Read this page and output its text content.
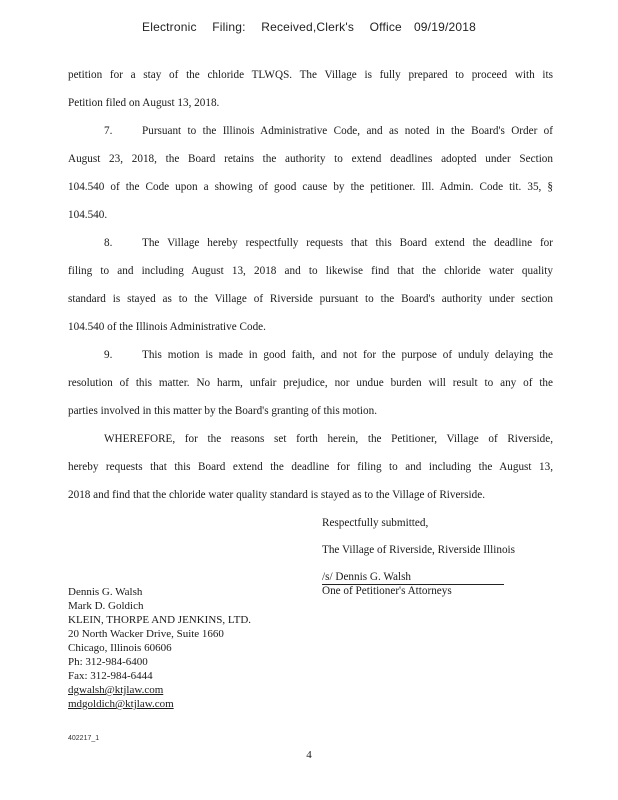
Electronic Filing: Received,Clerk's Office 09/19/2018
petition for a stay of the chloride TLWQS. The Village is fully prepared to proceed with its
Petition filed on August 13, 2018.
7.	Pursuant to the Illinois Administrative Code, and as noted in the Board's Order of
August 23, 2018, the Board retains the authority to extend deadlines adopted under Section
104.540 of the Code upon a showing of good cause by the petitioner. Ill. Admin. Code tit. 35, §
104.540.
8.	The Village hereby respectfully requests that this Board extend the deadline for
filing to and including August 13, 2018 and to likewise find that the chloride water quality
standard is stayed as to the Village of Riverside pursuant to the Board's authority under section
104.540 of the Illinois Administrative Code.
9.	This motion is made in good faith, and not for the purpose of unduly delaying the
resolution of this matter. No harm, unfair prejudice, nor undue burden will result to any of the
parties involved in this matter by the Board's granting of this motion.
WHEREFORE, for the reasons set forth herein, the Petitioner, Village of Riverside,
hereby requests that this Board extend the deadline for filing to and including the August 13,
2018 and find that the chloride water quality standard is stayed as to the Village of Riverside.
Respectfully submitted,
The Village of Riverside, Riverside Illinois
/s/ Dennis G. Walsh
One of Petitioner's Attorneys
Dennis G. Walsh
Mark D. Goldich
KLEIN, THORPE AND JENKINS, LTD.
20 North Wacker Drive, Suite 1660
Chicago, Illinois 60606
Ph: 312-984-6400
Fax: 312-984-6444
dgwalsh@ktjlaw.com
mdgoldich@ktjlaw.com
402217_1
4
